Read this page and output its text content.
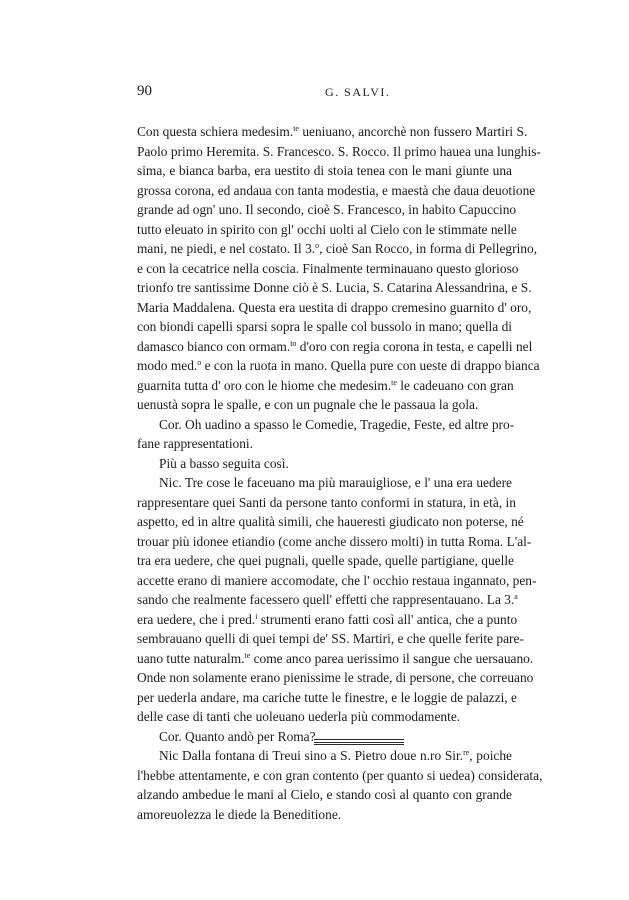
90	G. SALVI.
Con questa schiera medesim.$^{te}$ ueniuano, ancorchè non fussero Martiri S.
Paolo primo Heremita. S. Francesco. S. Rocco. Il primo hauea una lunghis-
sima, e bianca barba, era uestito di stoia tenea con le mani giunte una
grossa corona, ed andaua con tanta modestia, e maestà che daua deuotione
grande ad ogn' uno. Il secondo, cioè S. Francesco, in habito Capuccino
tutto eleuato in spirito con gl' occhi uolti al Cielo con le stimmate nelle
mani, ne piedi, e nel costato. Il 3.$^o$, cioè San Rocco, in forma di Pellegrino,
e con la cecatrice nella coscia. Finalmente terminauano questo glorioso
trionfo tre santissime Donne ciò è S. Lucia, S. Catarina Alessandrina, e S.
Maria Maddalena. Questa era uestita di drappo cremesino guarnito d' oro,
con biondi capelli sparsi sopra le spalle col bussolo in mano; quella di
damasco bianco con ormam.$^{to}$ d'oro con regia corona in testa, e capelli nel
modo med.$^o$ e con la ruota in mano. Quella pure con ueste di drappo bianca
guarnita tutta d' oro con le hiome che medesim.$^{te}$ le cadeuano con gran
uenustà sopra le spalle, e con un pugnale che le passaua la gola.
Cor. Oh uadino a spasso le Comedie, Tragedie, Feste, ed altre pro-
fane rappresentationi.
Più a basso seguita così.
Nic. Tre cose le faceuano ma più marauigliose, e l' una era uedere
rappresentare quei Santi da persone tanto conformi in statura, in età, in
aspetto, ed in altre qualità simili, che haueresti giudicato non poterse, né
trouar più idonee etiandio (come anche dissero molti) in tutta Roma. L'al-
tra era uedere, che quei pugnali, quelle spade, quelle partigiane, quelle
accette erano di maniere accomodate, che l' occhio restaua ingannato, pen-
sando che realmente facessero quell' effetti che rappresentauano. La 3.$^a$
era uedere, che i pred.$^i$ strumenti erano fatti così all' antica, che a punto
sembrauano quelli di quei tempi de' SS. Martiri, e che quelle ferite pare-
uano tutte naturalm.$^{te}$ come anco parea uerissimo il sangue che uersauano.
Onde non solamente erano pienissime le strade, di persone, che correuano
per uederla andare, ma cariche tutte le finestre, e le loggie de palazzi, e
delle case di tanti che uoleuano uederla più commodamente.
Cor. Quanto andò per Roma?
Nic Dalla fontana di Treui sino a S. Pietro doue n.ro Sir.$^{re}$, poiche
l'hebbe attentamente, e con gran contento (per quanto si uedea) considerata,
alzando ambedue le mani al Cielo, e stando così al quanto con grande
amoreuolezza le diede la Beneditione.
